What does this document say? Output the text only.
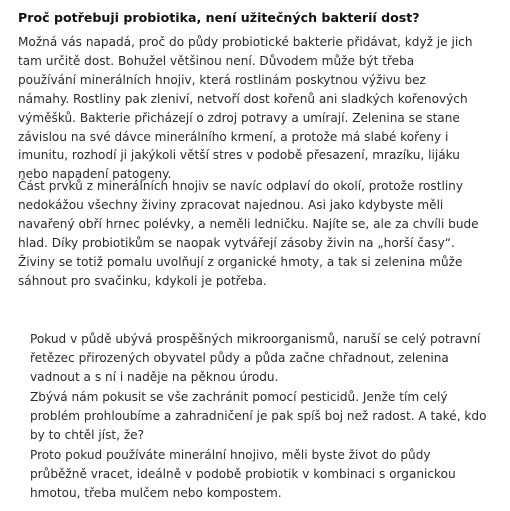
Proč potřebuji probiotika, není užitečných bakterií dost?

Možná vás napadá, proč do půdy probiotické bakterie přidávat, když je jich
tam určitě dost. Bohužel většinou není. Důvodem může být třeba
používání minerálních hnojiv, která rostlinám poskytnou výživu bez
námahy. Rostliny pak zleniví, netvoří dost kořenů ani sladkých kořenových
výměšků. Bakterie přicházejí o zdroj potravy a umírají. Zelenina se stane
závislou na své dávce minerálního krmení, a protože má slabé kořeny i
imunitu, rozhodí ji jakýkoli větší stres v podobě přesazení, mrazíku, lijáku
nebo napadení patogeny.

Část prvků z minerálních hnojiv se navíc odplaví do okolí, protože rostliny
nedokážou všechny živiny zpracovat najednou. Asi jako kdybyste měli
navařený obří hrnec polévky, a neměli ledničku. Najíte se, ale za chvíli bude
hlad. Díky probiotikům se naopak vytvářejí zásoby živin na „horší časy“.
Živiny se totiž pomalu uvolňují z organické hmoty, a tak si zelenina může
sáhnout pro svačinku, kdykoli je potřeba.

Pokud v půdě ubývá prospěšných mikroorganismů, naruší se celý potravní
řetězec přirozených obyvatel půdy a půda začne chřadnout, zelenina
vadnout a s ní i naděje na pěknou úrodu.

Zbývá nám pokusit se vše zachránit pomocí pesticidů. Jenže tím celý
problém prohloubíme a zahradničení je pak spíš boj než radost. A také, kdo
by to chtěl jíst, že?

Proto pokud používáte minerální hnojivo, měli byste život do půdy
průběžně vracet, ideálně v podobě probiotik v kombinaci s organickou
hmotou, třeba mulčem nebo kompostem.
